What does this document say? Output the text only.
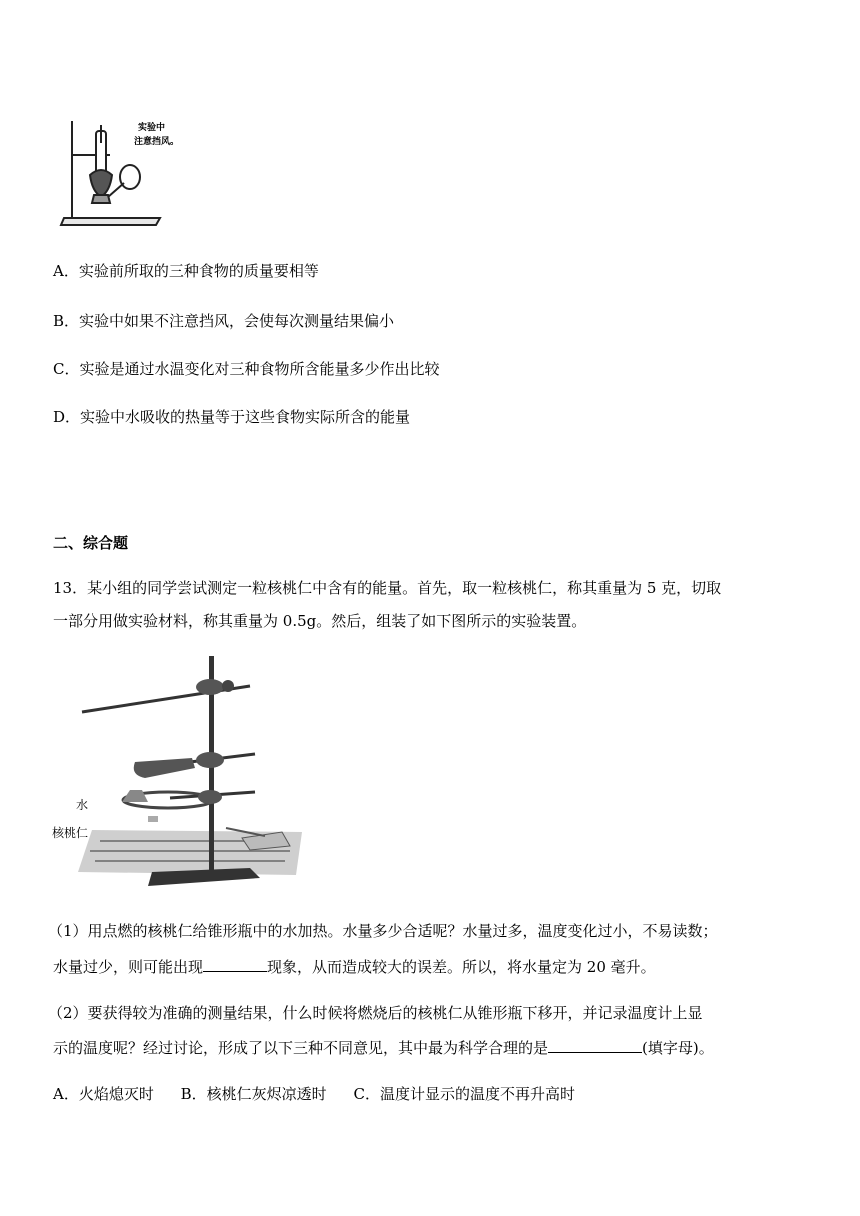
实验中
注意挡风。
A．实验前所取的三种食物的质量要相等
B．实验中如果不注意挡风，会使每次测量结果偏小
C．实验是通过水温变化对三种食物所含能量多少作出比较
D．实验中水吸收的热量等于这些食物实际所含的能量
二、综合题
13．某小组的同学尝试测定一粒核桃仁中含有的能量。首先，取一粒核桃仁，称其重量为 5 克，切取
一部分用做实验材料，称其重量为 0.5g。然后，组装了如下图所示的实验装置。
水
核桃仁
（1）用点燃的核桃仁给锥形瓶中的水加热。水量多少合适呢？水量过多，温度变化过小，不易读数；
水量过少，则可能出现	现象，从而造成较大的误差。所以，将水量定为 20 毫升。
（2）要获得较为准确的测量结果，什么时候将燃烧后的核桃仁从锥形瓶下移开，并记录温度计上显
示的温度呢？经过讨论，形成了以下三种不同意见，其中最为科学合理的是	(填字母)。
A．火焰熄灭时 B．核桃仁灰烬凉透时 C．温度计显示的温度不再升高时
